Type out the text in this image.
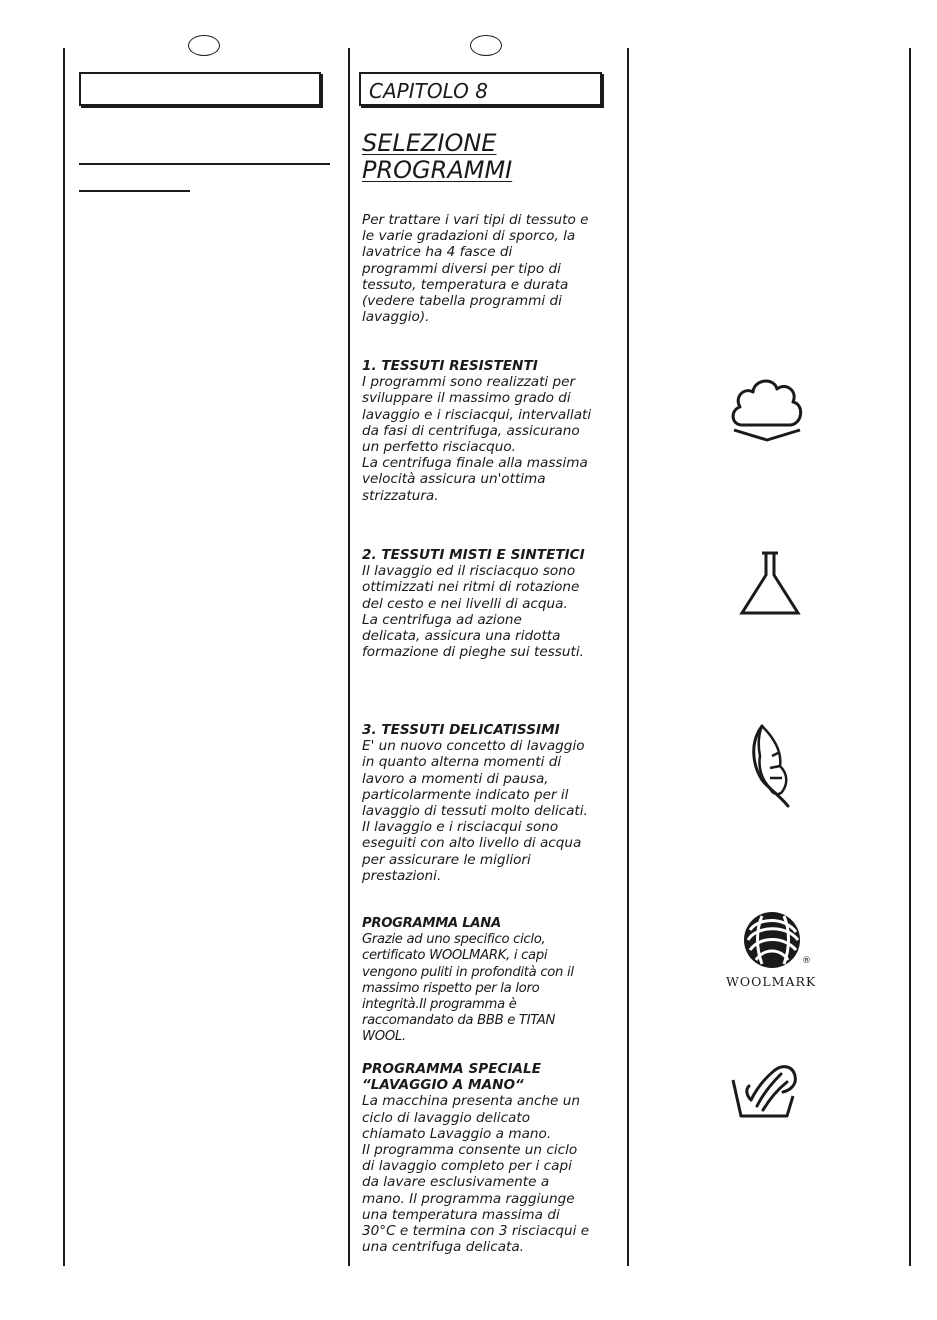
CAPITOLO 8
SELEZIONE
PROGRAMMI
Per trattare i vari tipi di tessuto e
le varie gradazioni di sporco, la
lavatrice ha 4 fasce di
programmi diversi per tipo di
tessuto, temperatura e durata
(vedere tabella programmi di
lavaggio).
1. TESSUTI RESISTENTI
I programmi sono realizzati per
sviluppare il massimo grado di
lavaggio e i risciacqui, intervallati
da fasi di centrifuga, assicurano
un perfetto risciacquo.
La centrifuga finale alla massima
velocità assicura un'ottima
strizzatura.
2. TESSUTI MISTI E SINTETICI
Il lavaggio ed il risciacquo sono
ottimizzati nei ritmi di rotazione
del cesto e nei livelli di acqua.
La centrifuga ad azione
delicata, assicura una ridotta
formazione di pieghe sui tessuti.
3. TESSUTI DELICATISSIMI
E' un nuovo concetto di lavaggio
in quanto alterna momenti di
lavoro a momenti di pausa,
particolarmente indicato per il
lavaggio di tessuti molto delicati.
Il lavaggio e i risciacqui sono
eseguiti con alto livello di acqua
per assicurare le migliori
prestazioni.
PROGRAMMA LANA
Grazie ad uno specifico ciclo,
certificato WOOLMARK, i capi
vengono puliti in profondità con il
massimo rispetto per la loro
integrità.Il programma è
raccomandato da BBB e TITAN
WOOL.
PROGRAMMA SPECIALE
“LAVAGGIO A MANO“
La macchina presenta anche un
ciclo di lavaggio delicato
chiamato Lavaggio a mano.
Il programma consente un ciclo
di lavaggio completo per i capi
da lavare esclusivamente a
mano. Il programma raggiunge
una temperatura massima di
30°C e termina con 3 risciacqui e
una centrifuga delicata.
®
WOOLMARK
